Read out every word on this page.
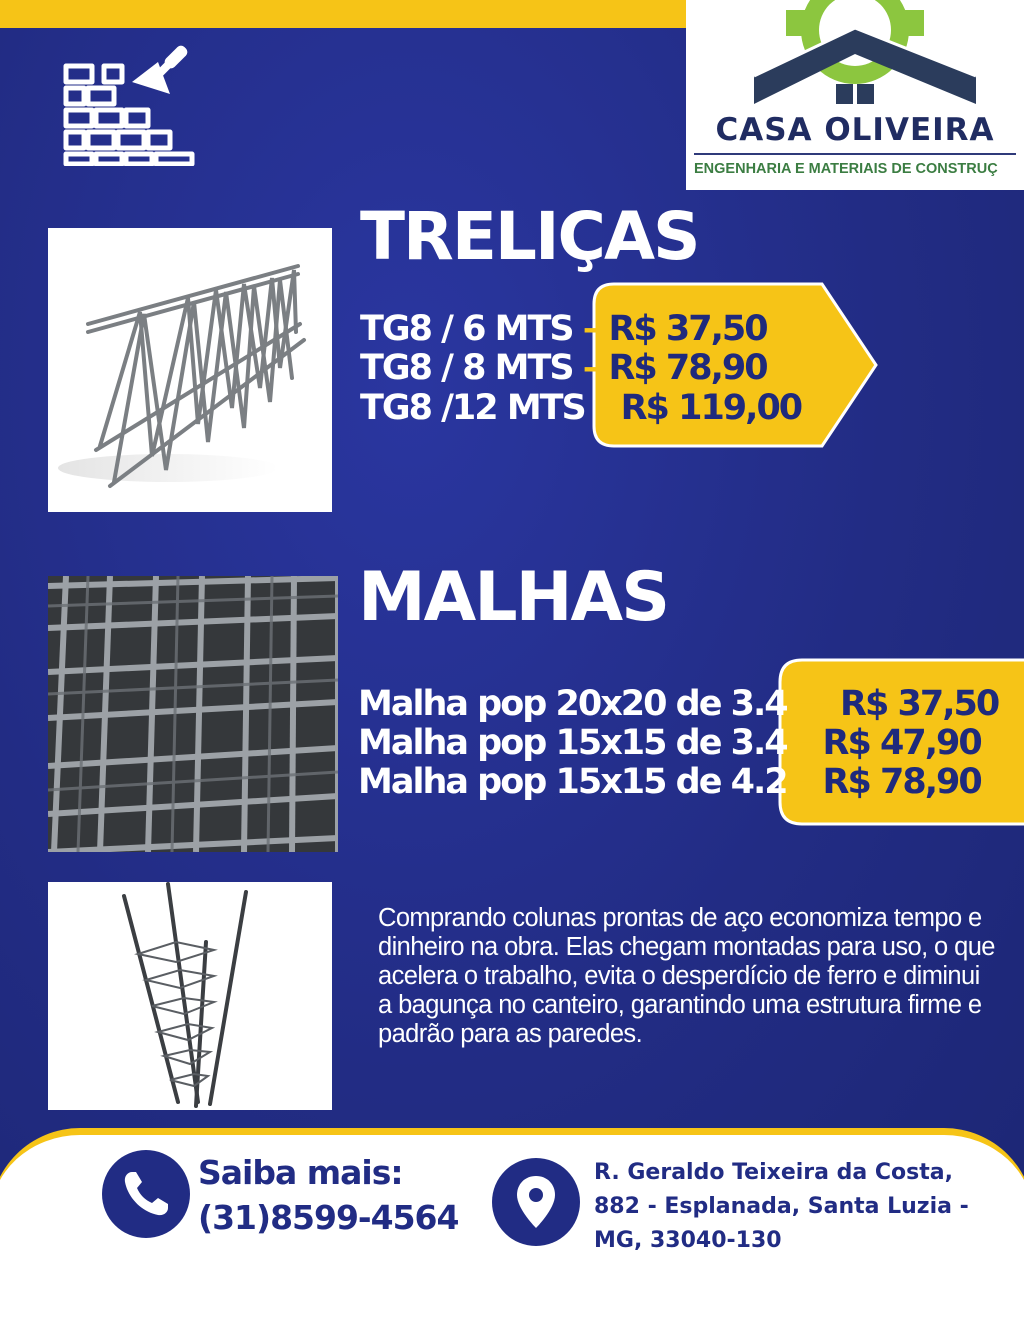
CASA OLIVEIRA
ENGENHARIA E MATERIAIS DE CONSTRUÇ
TRELIÇAS
TG8 / 6 MTS – R$ 37,50
TG8 / 8 MTS – R$ 78,90
TG8 /12 MTS – R$ 119,00
MALHAS
Malha pop 20x20 de 3.4 — R$ 37,50
Malha pop 15x15 de 3.4 – R$ 47,90
Malha pop 15x15 de 4.2 – R$ 78,90
Comprando colunas prontas de aço economiza tempo e dinheiro na obra. Elas chegam montadas para uso, o que acelera o trabalho, evita o desperdício de ferro e diminui a bagunça no canteiro, garantindo uma estrutura firme e padrão para as paredes.
Saiba mais:
(31)8599-4564
R. Geraldo Teixeira da Costa, 882 - Esplanada, Santa Luzia - MG, 33040-130
